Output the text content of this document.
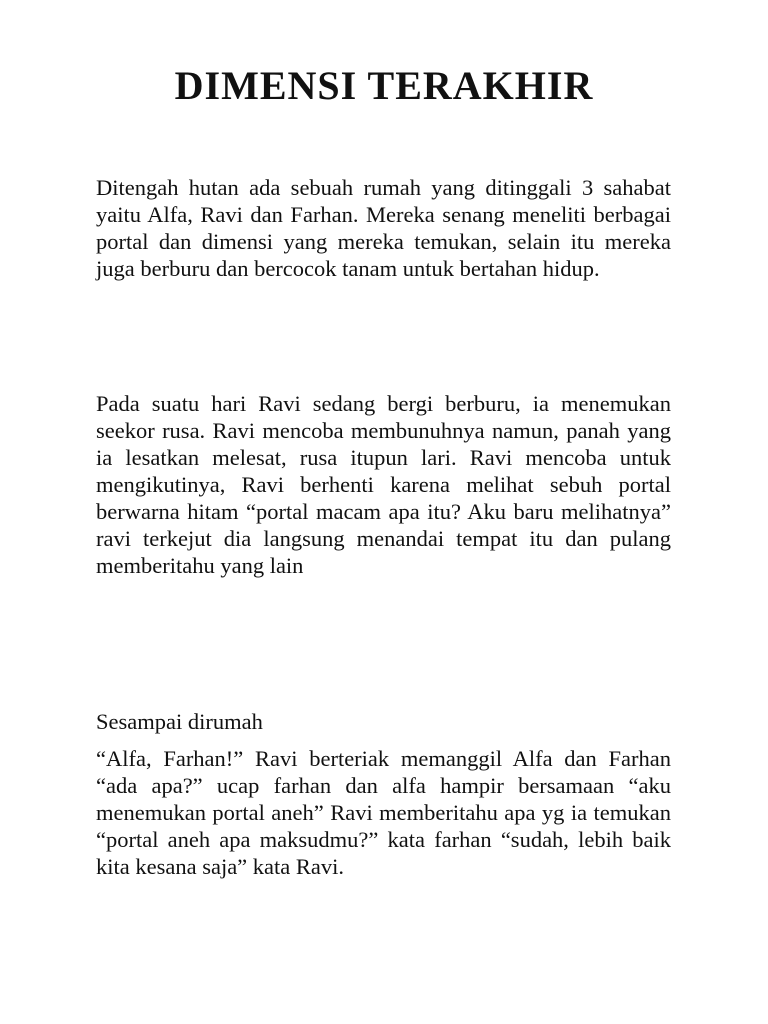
DIMENSI TERAKHIR

Ditengah hutan ada sebuah rumah yang ditinggali 3 sahabat yaitu Alfa, Ravi dan Farhan. Mereka senang meneliti berbagai portal dan dimensi yang mereka temukan, selain itu mereka juga berburu dan bercocok tanam untuk bertahan hidup.

Pada suatu hari Ravi sedang bergi berburu, ia menemukan seekor rusa. Ravi mencoba membunuhnya namun, panah yang ia lesatkan melesat, rusa itupun lari. Ravi mencoba untuk mengikutinya, Ravi berhenti karena melihat sebuh portal berwarna hitam “portal macam apa itu? Aku baru melihatnya” ravi terkejut dia langsung menandai tempat itu dan pulang memberitahu yang lain

Sesampai dirumah

“Alfa, Farhan!” Ravi berteriak memanggil Alfa dan Farhan “ada apa?” ucap farhan dan alfa hampir bersamaan “aku menemukan portal aneh” Ravi memberitahu apa yg ia temukan “portal aneh apa maksudmu?” kata farhan “sudah, lebih baik kita kesana saja” kata Ravi.
